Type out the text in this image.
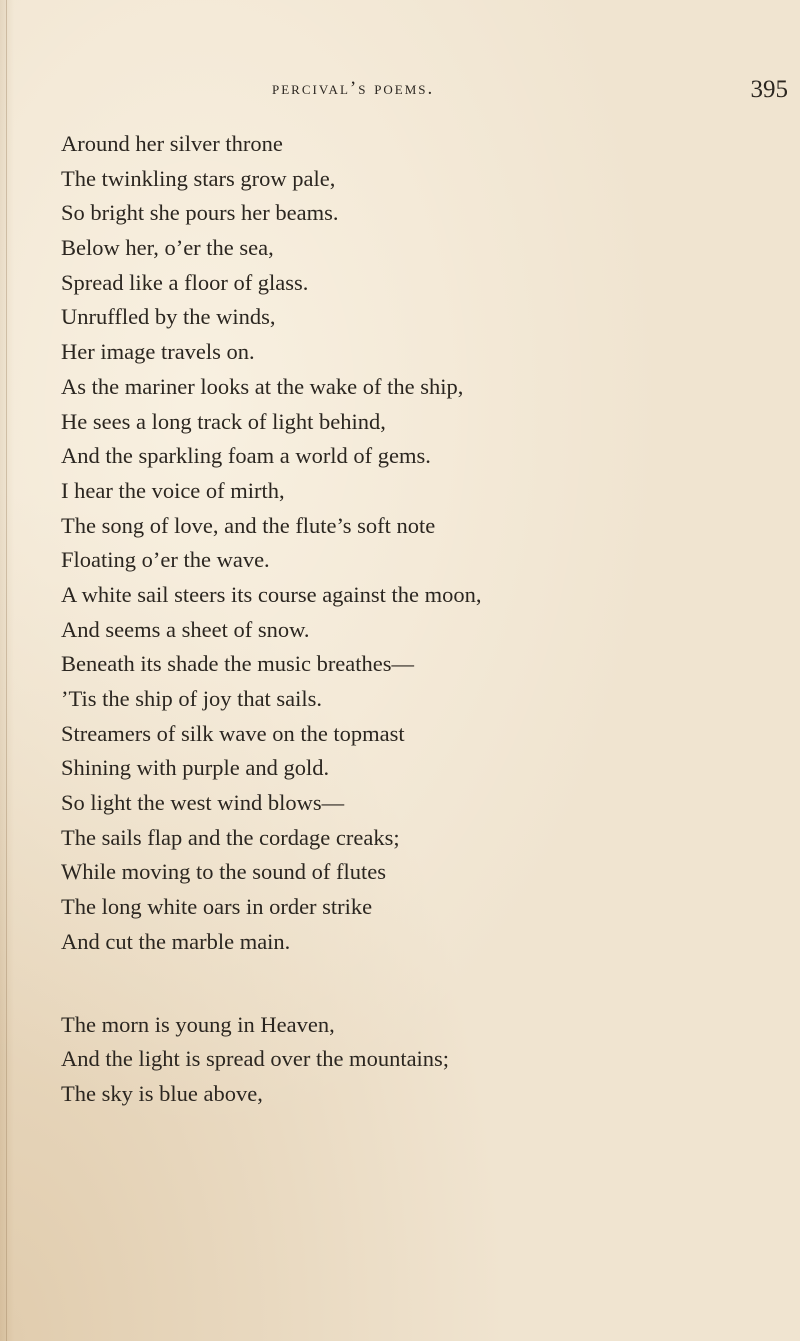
percival’s poems.	395
Around her silver throne
The twinkling stars grow pale,
So bright she pours her beams.
Below her, o’er the sea,
Spread like a floor of glass.
Unruffled by the winds,
Her image travels on.
As the mariner looks at the wake of the ship,
He sees a long track of light behind,
And the sparkling foam a world of gems.
I hear the voice of mirth,
The song of love, and the flute’s soft note
Floating o’er the wave.
A white sail steers its course against the moon,
And seems a sheet of snow.
Beneath its shade the music breathes—
’Tis the ship of joy that sails.
Streamers of silk wave on the topmast
Shining with purple and gold.
So light the west wind blows—
The sails flap and the cordage creaks;
While moving to the sound of flutes
The long white oars in order strike
And cut the marble main.
The morn is young in Heaven,
And the light is spread over the mountains;
The sky is blue above,
